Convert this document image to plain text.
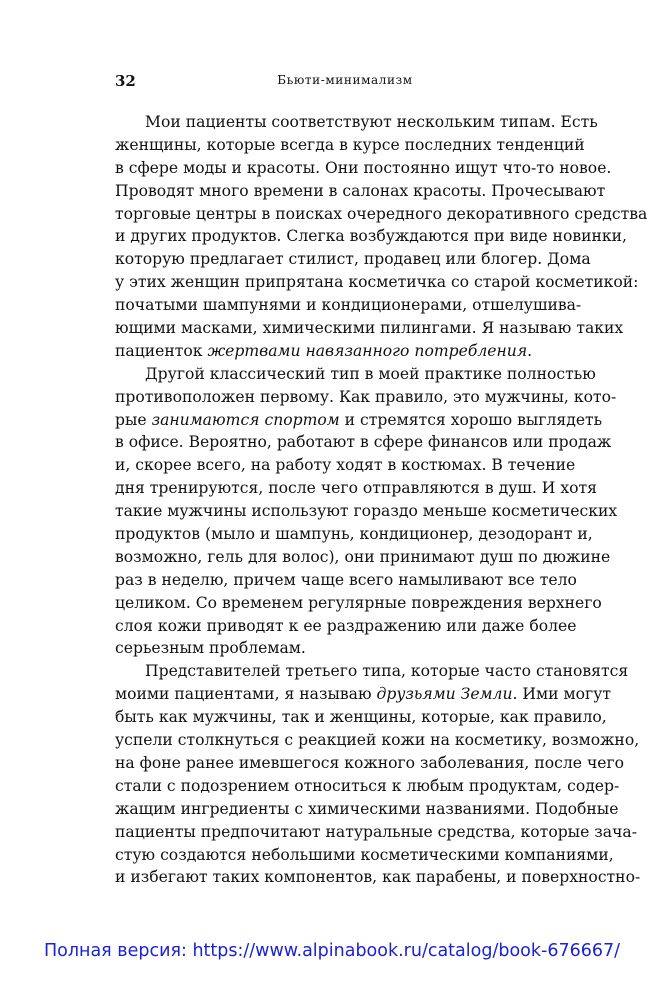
32	Бьюти-минимализм
Мои пациенты соответствуют нескольким типам. Есть
женщины, которые всегда в курсе последних тенденций
в сфере моды и красоты. Они постоянно ищут что-то новое.
Проводят много времени в салонах красоты. Прочесывают
торговые центры в поисках очередного декоративного средства
и других продуктов. Слегка возбуждаются при виде новинки,
которую предлагает стилист, продавец или блогер. Дома
у этих женщин припрятана косметичка со старой косметикой:
початыми шампунями и кондиционерами, отшелушива-
ющими масками, химическими пилингами. Я называю таких
пациенток жертвами навязанного потребления.
Другой классический тип в моей практике полностью
противоположен первому. Как правило, это мужчины, кото-
рые занимаются спортом и стремятся хорошо выглядеть
в офисе. Вероятно, работают в сфере финансов или продаж
и, скорее всего, на работу ходят в костюмах. В течение
дня тренируются, после чего отправляются в душ. И хотя
такие мужчины используют гораздо меньше косметических
продуктов (мыло и шампунь, кондиционер, дезодорант и,
возможно, гель для волос), они принимают душ по дюжине
раз в неделю, причем чаще всего намыливают все тело
целиком. Со временем регулярные повреждения верхнего
слоя кожи приводят к ее раздражению или даже более
серьезным проблемам.
Представителей третьего типа, которые часто становятся
моими пациентами, я называю друзьями Земли. Ими могут
быть как мужчины, так и женщины, которые, как правило,
успели столкнуться с реакцией кожи на косметику, возможно,
на фоне ранее имевшегося кожного заболевания, после чего
стали с подозрением относиться к любым продуктам, содер-
жащим ингредиенты с химическими названиями. Подобные
пациенты предпочитают натуральные средства, которые зача-
стую создаются небольшими косметическими компаниями,
и избегают таких компонентов, как парабены, и поверхностно-
Полная версия: https://www.alpinabook.ru/catalog/book-676667/
